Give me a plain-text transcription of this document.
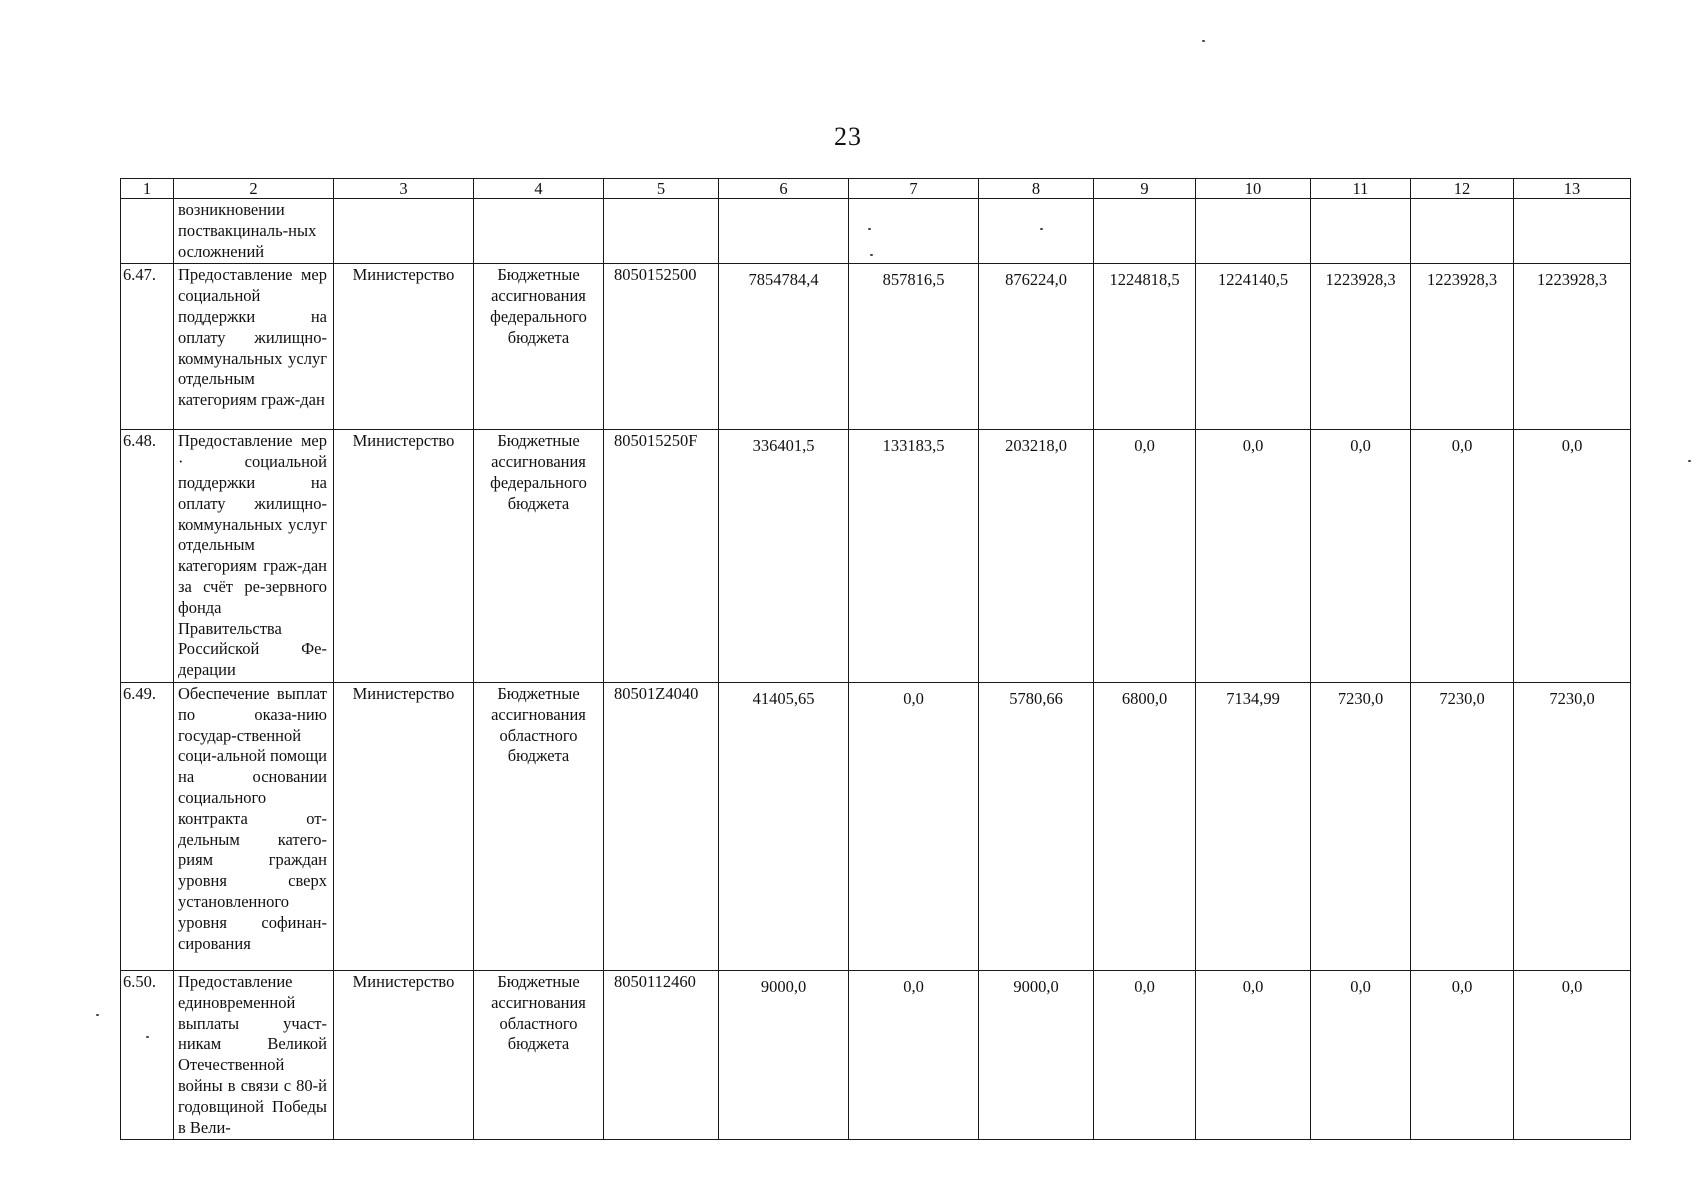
23
1	2	3	4	5	6	7	8	9	10	11	12	13
	возникновении поствакциналь-ных осложнений											
6.47.	Предоставление мер социальной поддержки на оплату жилищно-коммунальных услуг отдельным категориям граж-дан	Министерство	Бюджетные ассигнования федерального бюджета	8050152500	7854784,4	857816,5	876224,0	1224818,5	1224140,5	1223928,3	1223928,3	1223928,3
6.48.	Предоставление мер · социальной поддержки на оплату жилищно-коммунальных услуг отдельным категориям граж-дан за счёт ре-зервного фонда Правительства Российской Фе-дерации	Министерство	Бюджетные ассигнования федерального бюджета	805015250F	336401,5	133183,5	203218,0	0,0	0,0	0,0	0,0	0,0
6.49.	Обеспечение выплат по оказа-нию государ-ственной соци-альной помощи на основании социального контракта от-дельным катего-риям граждан уровня сверх установленного уровня софинан-сирования	Министерство	Бюджетные ассигнования областного бюджета	80501Z4040	41405,65	0,0	5780,66	6800,0	7134,99	7230,0	7230,0	7230,0
6.50.	Предоставление единовременной выплаты участ-никам Великой Отечественной войны в связи с 80-й годовщиной Победы в Вели-	Министерство	Бюджетные ассигнования областного бюджета	8050112460	9000,0	0,0	9000,0	0,0	0,0	0,0	0,0	0,0
